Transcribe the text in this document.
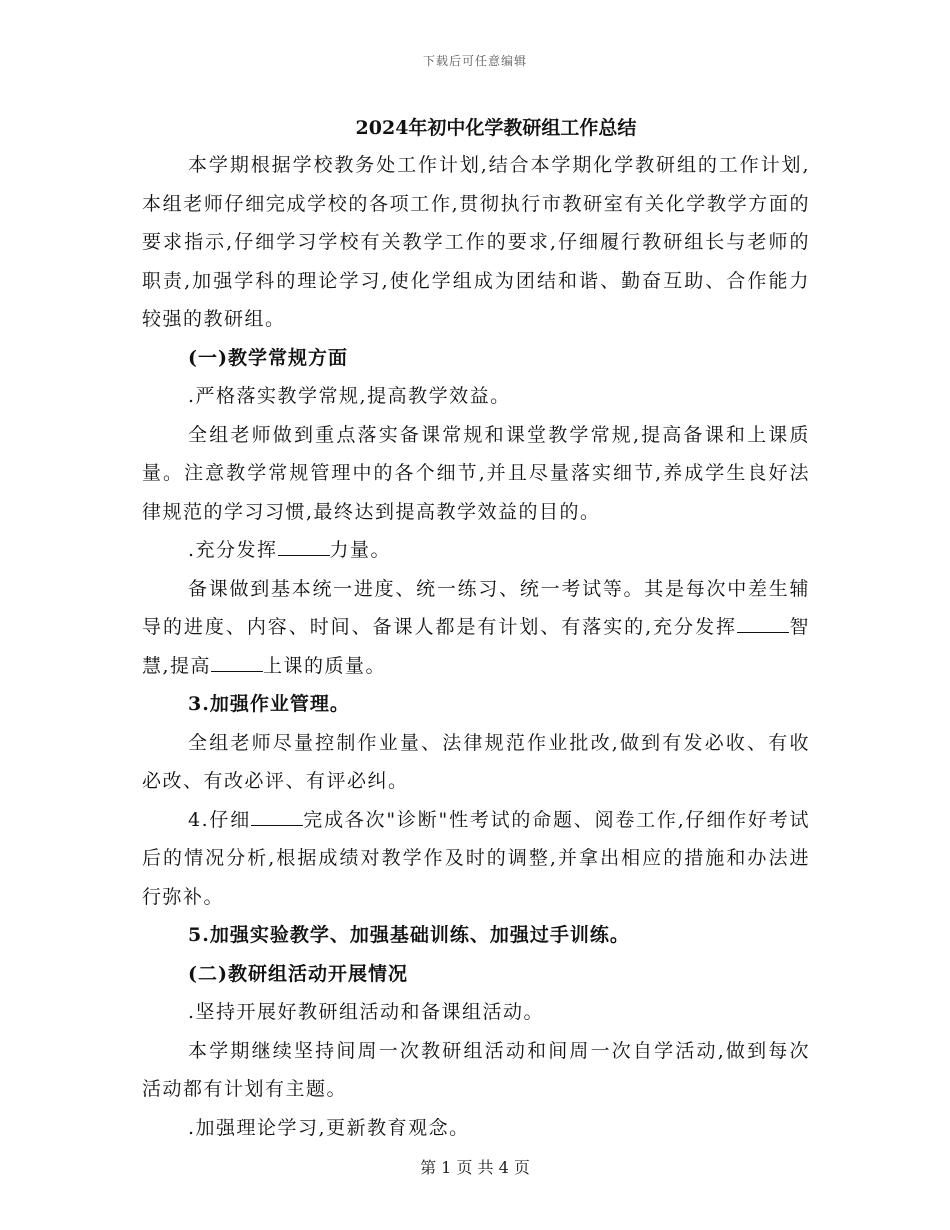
下载后可任意编辑
2024年初中化学教研组工作总结

本学期根据学校教务处工作计划,结合本学期化学教研组的工作计划,本组老师仔细完成学校的各项工作,贯彻执行市教研室有关化学教学方面的要求指示,仔细学习学校有关教学工作的要求,仔细履行教研组长与老师的职责,加强学科的理论学习,使化学组成为团结和谐、勤奋互助、合作能力较强的教研组。

(一)教学常规方面

.严格落实教学常规,提高教学效益。

全组老师做到重点落实备课常规和课堂教学常规,提高备课和上课质量。注意教学常规管理中的各个细节,并且尽量落实细节,养成学生良好法律规范的学习习惯,最终达到提高教学效益的目的。

.充分发挥	力量。

备课做到基本统一进度、统一练习、统一考试等。其是每次中差生辅导的进度、内容、时间、备课人都是有计划、有落实的,充分发挥	智慧,提高	上课的质量。

3.加强作业管理。

全组老师尽量控制作业量、法律规范作业批改,做到有发必收、有收必改、有改必评、有评必纠。

4.仔细	完成各次"诊断"性考试的命题、阅卷工作,仔细作好考试后的情况分析,根据成绩对教学作及时的调整,并拿出相应的措施和办法进行弥补。

5.加强实验教学、加强基础训练、加强过手训练。

(二)教研组活动开展情况

.坚持开展好教研组活动和备课组活动。

本学期继续坚持间周一次教研组活动和间周一次自学活动,做到每次活动都有计划有主题。

.加强理论学习,更新教育观念。

第 1 页 共 4 页
